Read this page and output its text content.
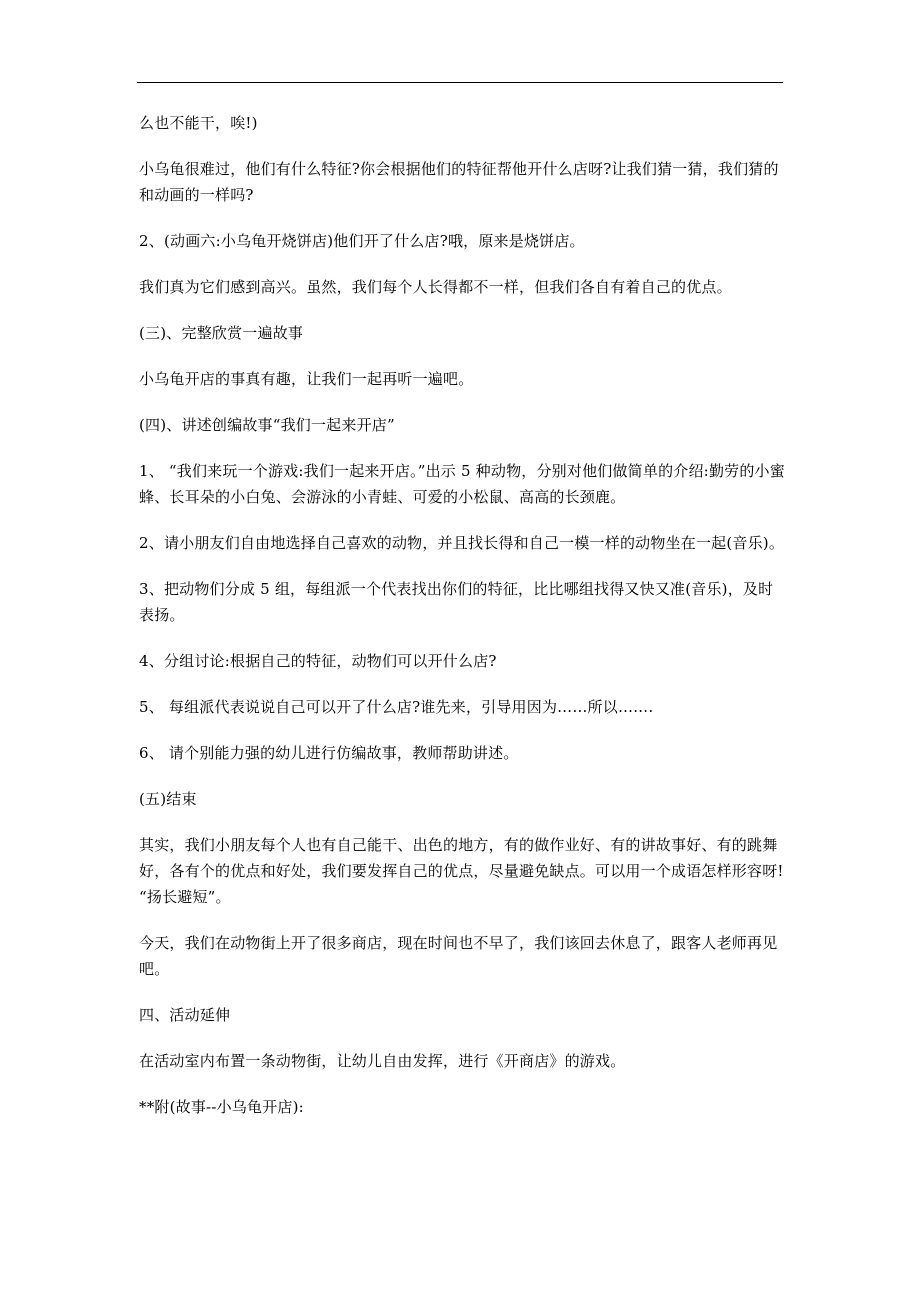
么也不能干，唉!)

小乌龟很难过，他们有什么特征?你会根据他们的特征帮他开什么店呀?让我们猜一猜，我们猜的和动画的一样吗?

2、(动画六:小乌龟开烧饼店)他们开了什么店?哦，原来是烧饼店。

我们真为它们感到高兴。虽然，我们每个人长得都不一样，但我们各自有着自己的优点。

(三)、完整欣赏一遍故事

小乌龟开店的事真有趣，让我们一起再听一遍吧。

(四)、讲述创编故事“我们一起来开店”

1、 “我们来玩一个游戏:我们一起来开店。”出示 5 种动物，分别对他们做简单的介绍:勤劳的小蜜蜂、长耳朵的小白兔、会游泳的小青蛙、可爱的小松鼠、高高的长颈鹿。

2、请小朋友们自由地选择自己喜欢的动物，并且找长得和自己一模一样的动物坐在一起(音乐)。

3、把动物们分成 5 组，每组派一个代表找出你们的特征，比比哪组找得又快又准(音乐)，及时表扬。

4、分组讨论:根据自己的特征，动物们可以开什么店?

5、 每组派代表说说自己可以开了什么店?谁先来，引导用因为……所以…….

6、 请个别能力强的幼儿进行仿编故事，教师帮助讲述。

(五)结束

其实，我们小朋友每个人也有自己能干、出色的地方，有的做作业好、有的讲故事好、有的跳舞好，各有个的优点和好处，我们要发挥自己的优点，尽量避免缺点。可以用一个成语怎样形容呀! “扬长避短”。

今天，我们在动物街上开了很多商店，现在时间也不早了，我们该回去休息了，跟客人老师再见吧。

四、活动延伸

在活动室内布置一条动物街，让幼儿自由发挥，进行《开商店》的游戏。

**附(故事--小乌龟开店):
